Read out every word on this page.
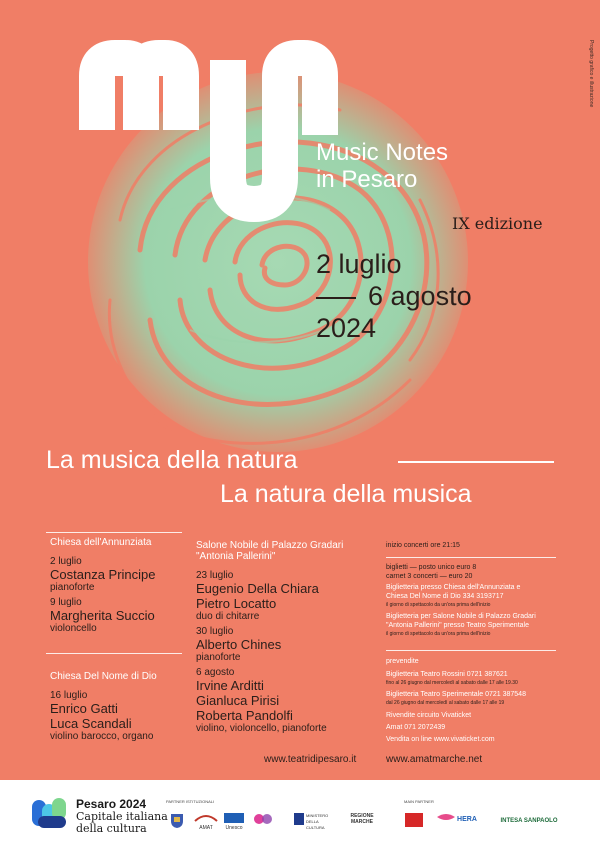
Progetto grafico e illustrazione
Music Notes
in Pesaro
IX edizione
2 luglio
6 agosto
2024
La musica della natura
La natura della musica
Chiesa dell'Annunziata
2 luglio
Costanza Principe
pianoforte
9 luglio
Margherita Succio
violoncello
Chiesa Del Nome di Dio
16 luglio
Enrico Gatti
Luca Scandali
violino barocco, organo
Salone Nobile di Palazzo Gradari
"Antonia Pallerini"
23 luglio
Eugenio Della Chiara
Pietro Locatto
duo di chitarre
30 luglio
Alberto Chines
pianoforte
6 agosto
Irvine Arditti
Gianluca Pirisi
Roberta Pandolfi
violino, violoncello, pianoforte
www.teatridipesaro.it
inizio concerti ore 21:15
biglietti — posto unico euro 8
carnet 3 concerti — euro 20
Biglietteria presso Chiesa dell'Annunziata e
Chiesa Del Nome di Dio 334 3193717
il giorno di spettacolo da un'ora prima dell'inizio
Biglietteria per Salone Nobile di Palazzo Gradari
"Antonia Pallerini" presso Teatro Sperimentale
il giorno di spettacolo da un'ora prima dell'inizio
prevendite
Biglietteria Teatro Rossini 0721 387621
fino al 26 giugno dal mercoledì al sabato dalle 17 alle 19.30
Biglietteria Teatro Sperimentale 0721 387548
dal 26 giugno dal mercoledì al sabato dalle 17 alle 19
Rivendite circuito Vivaticket
Amat 071 2072439
Vendita on line www.vivaticket.com
www.amatmarche.net
Pesaro 2024
Capitale italiana
della cultura
PARTNER ISTITUZIONALI	MAIN PARTNER
AMAT	Unesco
MINISTERO DELLA CULTURA
REGIONE MARCHE	HERA	INTESA SANPAOLO
